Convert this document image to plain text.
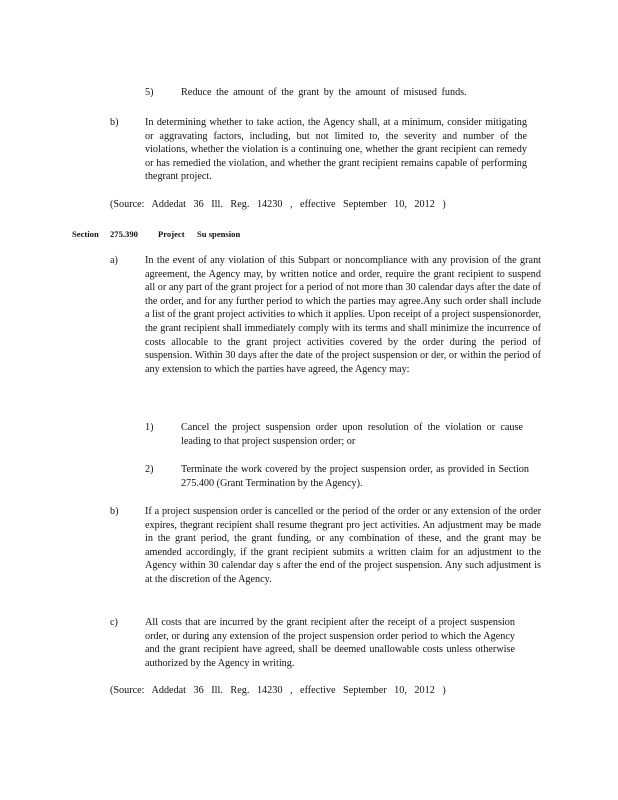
5)	Reduce the amount of the grant by the amount of misused funds.
b)	In determining whether to take action, the Agency shall, at a minimum, consider mitigating or aggravating factors, including, but not limited to, the severity and number of the violations, whether the violation is a continuing one, whether the grant recipient can remedy or has remedied the violation, and whether the grant recipient remains capable of performing thegrant project.
(Source: Addedat 36 Ill. Reg. 14230 , effective September 10, 2012 )
Section 275.390 Project Su spension
a)	In the event of any violation of this Subpart or noncompliance with any provision of the grant agreement, the Agency may, by written notice and order, require the grant recipient to suspend all or any part of the grant project for a period of not more than 30 calendar days after the date of the order, and for any further period to which the parties may agree.Any such order shall include a list of the grant project activities to which it applies. Upon receipt of a project suspensionorder, the grant recipient shall immediately comply with its terms and shall minimize the incurrence of costs allocable to the grant project activities covered by the order during the period of suspension. Within 30 days after the date of the project suspension or der, or within the period of any extension to which the parties have agreed, the Agency may:
1)	Cancel the project suspension order upon resolution of the violation or cause leading to that project suspension order; or
2)	Terminate the work covered by the project suspension order, as provided in Section 275.400 (Grant Termination by the Agency).
b)	If a project suspension order is cancelled or the period of the order or any extension of the order expires, thegrant recipient shall resume thegrant pro ject activities. An adjustment may be made in the grant period, the grant funding, or any combination of these, and the grant may be amended accordingly, if the grant recipient submits a written claim for an adjustment to the Agency within 30 calendar day s after the end of the project suspension. Any such adjustment is at the discretion of the Agency.
c)	All costs that are incurred by the grant recipient after the receipt of a project suspension order, or during any extension of the project suspension order period to which the Agency and the grant recipient have agreed, shall be deemed unallowable costs unless otherwise authorized by the Agency in writing.
(Source: Addedat 36 Ill. Reg. 14230 , effective September 10, 2012 )
